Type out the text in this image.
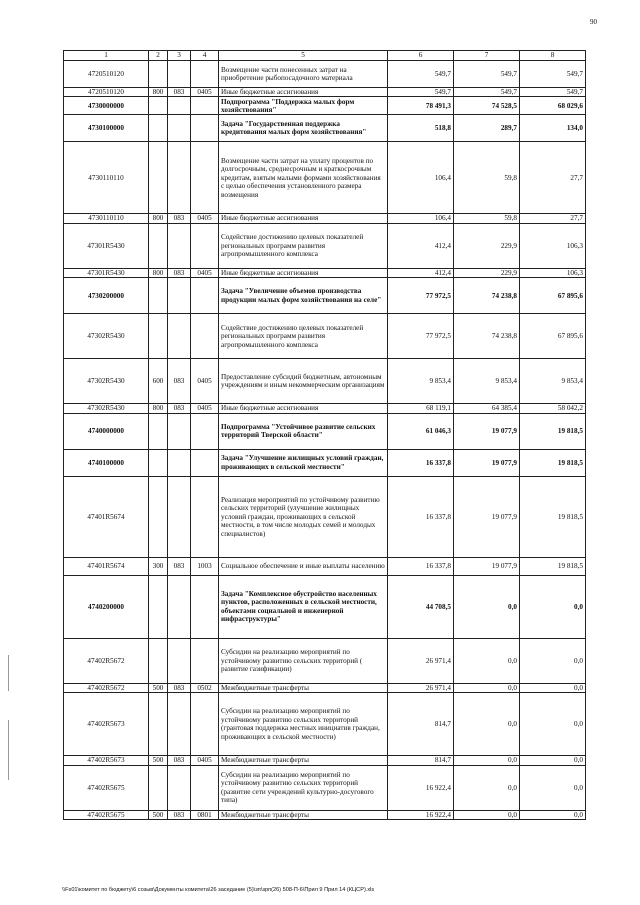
90
1	2	3	4	5	6	7	8
4720510120				Возмещение части понесенных затрат на приобретение рыбопосадочного материала	549,7	549,7	549,7
4720510120	800	083	0405	Иные бюджетные ассигнования	549,7	549,7	549,7
4730000000				Подпрограмма "Поддержка малых форм хозяйствования"	78 491,3	74 528,5	68 029,6
4730100000				Задача "Государственная поддержка кредитования малых форм хозяйствования"	518,8	289,7	134,0
4730110110				Возмещение части затрат на уплату процентов по долгосрочным, среднесрочным и краткосрочным кредитам, взятым малыми формами хозяйствования с целью обеспечения установленного размера возмещения	106,4	59,8	27,7
4730110110	800	083	0405	Иные бюджетные ассигнования	106,4	59,8	27,7
47301R5430				Содействие достижению целевых показателей региональных программ развития агропромышленного комплекса	412,4	229,9	106,3
47301R5430	800	083	0405	Иные бюджетные ассигнования	412,4	229,9	106,3
4730200000				Задача "Увеличение объемов производства продукции малых форм хозяйствования на селе"	77 972,5	74 238,8	67 895,6
47302R5430				Содействие достижению целевых показателей региональных программ развития агропромышленного комплекса	77 972,5	74 238,8	67 895,6
47302R5430	600	083	0405	Предоставление субсидий бюджетным, автономным учреждениям и иным некоммерческим организациям	9 853,4	9 853,4	9 853,4
47302R5430	800	083	0405	Иные бюджетные ассигнования	68 119,1	64 385,4	58 042,2
4740000000				Подпрограмма "Устойчивое развитие сельских территорий Тверской области"	61 046,3	19 077,9	19 818,5
4740100000				Задача "Улучшение жилищных условий граждан, проживающих в сельской местности"	16 337,8	19 077,9	19 818,5
47401R5674				Реализация мероприятий по устойчивому развитию сельских территорий (улучшение жилищных условий граждан, проживающих в сельской местности, в том числе молодых семей и молодых специалистов)	16 337,8	19 077,9	19 818,5
47401R5674	300	083	1003	Социальное обеспечение и иные выплаты населению	16 337,8	19 077,9	19 818,5
4740200000				Задача "Комплексное обустройство населенных пунктов, расположенных в сельской местности, объектами социальной и инженерной инфраструктуры"	44 708,5	0,0	0,0
47402R5672				Субсидии на реализацию мероприятий по устойчивому развитию сельских территорий ( развитие газификации)	26 971,4	0,0	0,0
47402R5672	500	083	0502	Межбюджетные трансферты	26 971,4	0,0	0,0
47402R5673				Субсидии на реализацию мероприятий по устойчивому развитию сельских территорий (грантовая поддержка местных инициатив граждан, проживающих в сельской местности)	814,7	0,0	0,0
47402R5673	500	083	0405	Межбюджетные трансферты	814,7	0,0	0,0
47402R5675				Субсидии на реализацию мероприятий по устойчивому развитию сельских территорий (развитие сети учреждений культурно-досугового типа)	16 922,4	0,0	0,0
47402R5675	500	083	0801	Межбюджетные трансферты	16 922,4	0,0	0,0
\\Fs01\комитет по бюджету\6 созыв\Документы комитета\26 заседание (5)\зп\зрп(26) 508-П-6\Прил 9 Прил 14 (КЦСР).xls
